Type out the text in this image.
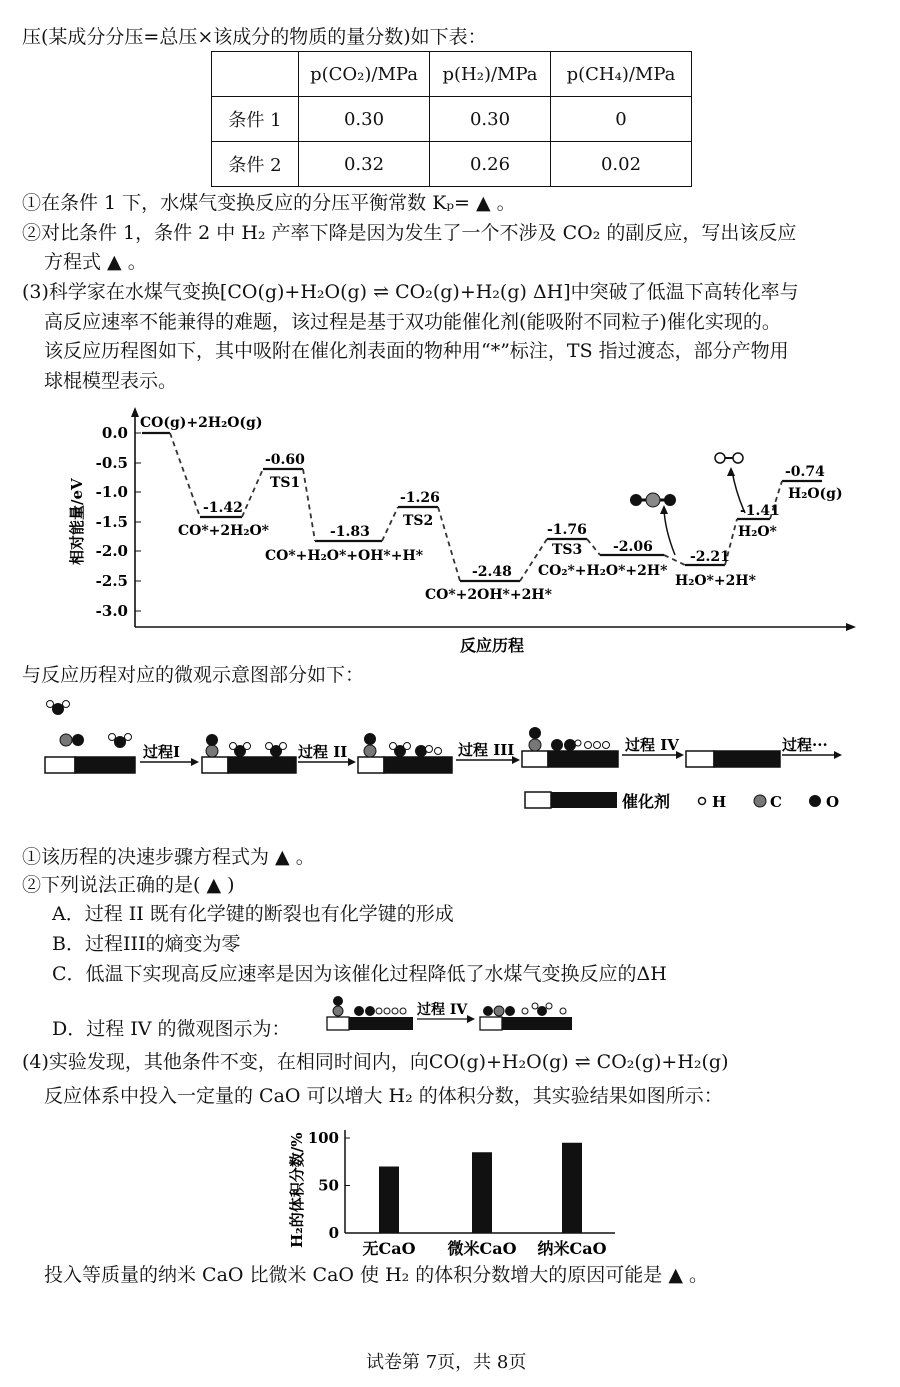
压(某成分分压=总压×该成分的物质的量分数)如下表：
	p(CO₂)/MPa	p(H₂)/MPa	p(CH₄)/MPa
条件 1	0.30	0.30	0
条件 2	0.32	0.26	0.02
①在条件 1 下，水煤气变换反应的分压平衡常数 Kₚ= ▲ 。
②对比条件 1，条件 2 中 H₂ 产率下降是因为发生了一个不涉及 CO₂ 的副反应，写出该反应
方程式 ▲ 。
(3)科学家在水煤气变换[CO(g)+H₂O(g) ⇌ CO₂(g)+H₂(g) ΔH]中突破了低温下高转化率与
高反应速率不能兼得的难题，该过程是基于双功能催化剂(能吸附不同粒子)催化实现的。
该反应历程图如下，其中吸附在催化剂表面的物种用“*”标注，TS 指过渡态，部分产物用
球棍模型表示。
0.0
-0.5
-1.0
-1.5
-2.0
-2.5
-3.0
相对能量/eV
反应历程
CO(g)+2H₂O(g)
-1.42
CO*+2H₂O*
-0.60
TS1
-1.83
CO*+H₂O*+OH*+H*
-1.26
TS2
-2.48
CO*+2OH*+2H*
-1.76
TS3 -2.06
CO₂*+H₂O*+2H*
-2.21
H₂O*+2H*
-1.41
H₂O*
-0.74
H₂O(g)
与反应历程对应的微观示意图部分如下：
过程I	过程 II	过程 III	过程 IV	过程···
催化剂	H	C	O
①该历程的决速步骤方程式为 ▲ 。
②下列说法正确的是( ▲ )
A．过程 II 既有化学键的断裂也有化学键的形成
B．过程III的熵变为零
C．低温下实现高反应速率是因为该催化过程降低了水煤气变换反应的ΔH
D．过程 IV 的微观图示为：
过程 IV
(4)实验发现，其他条件不变，在相同时间内，向CO(g)+H₂O(g) ⇌ CO₂(g)+H₂(g)
反应体系中投入一定量的 CaO 可以增大 H₂ 的体积分数，其实验结果如图所示：
H₂的体积分数/% 0
50
100
无CaO 微米CaO 纳米CaO
投入等质量的纳米 CaO 比微米 CaO 使 H₂ 的体积分数增大的原因可能是 ▲ 。
试卷第 7页，共 8页
